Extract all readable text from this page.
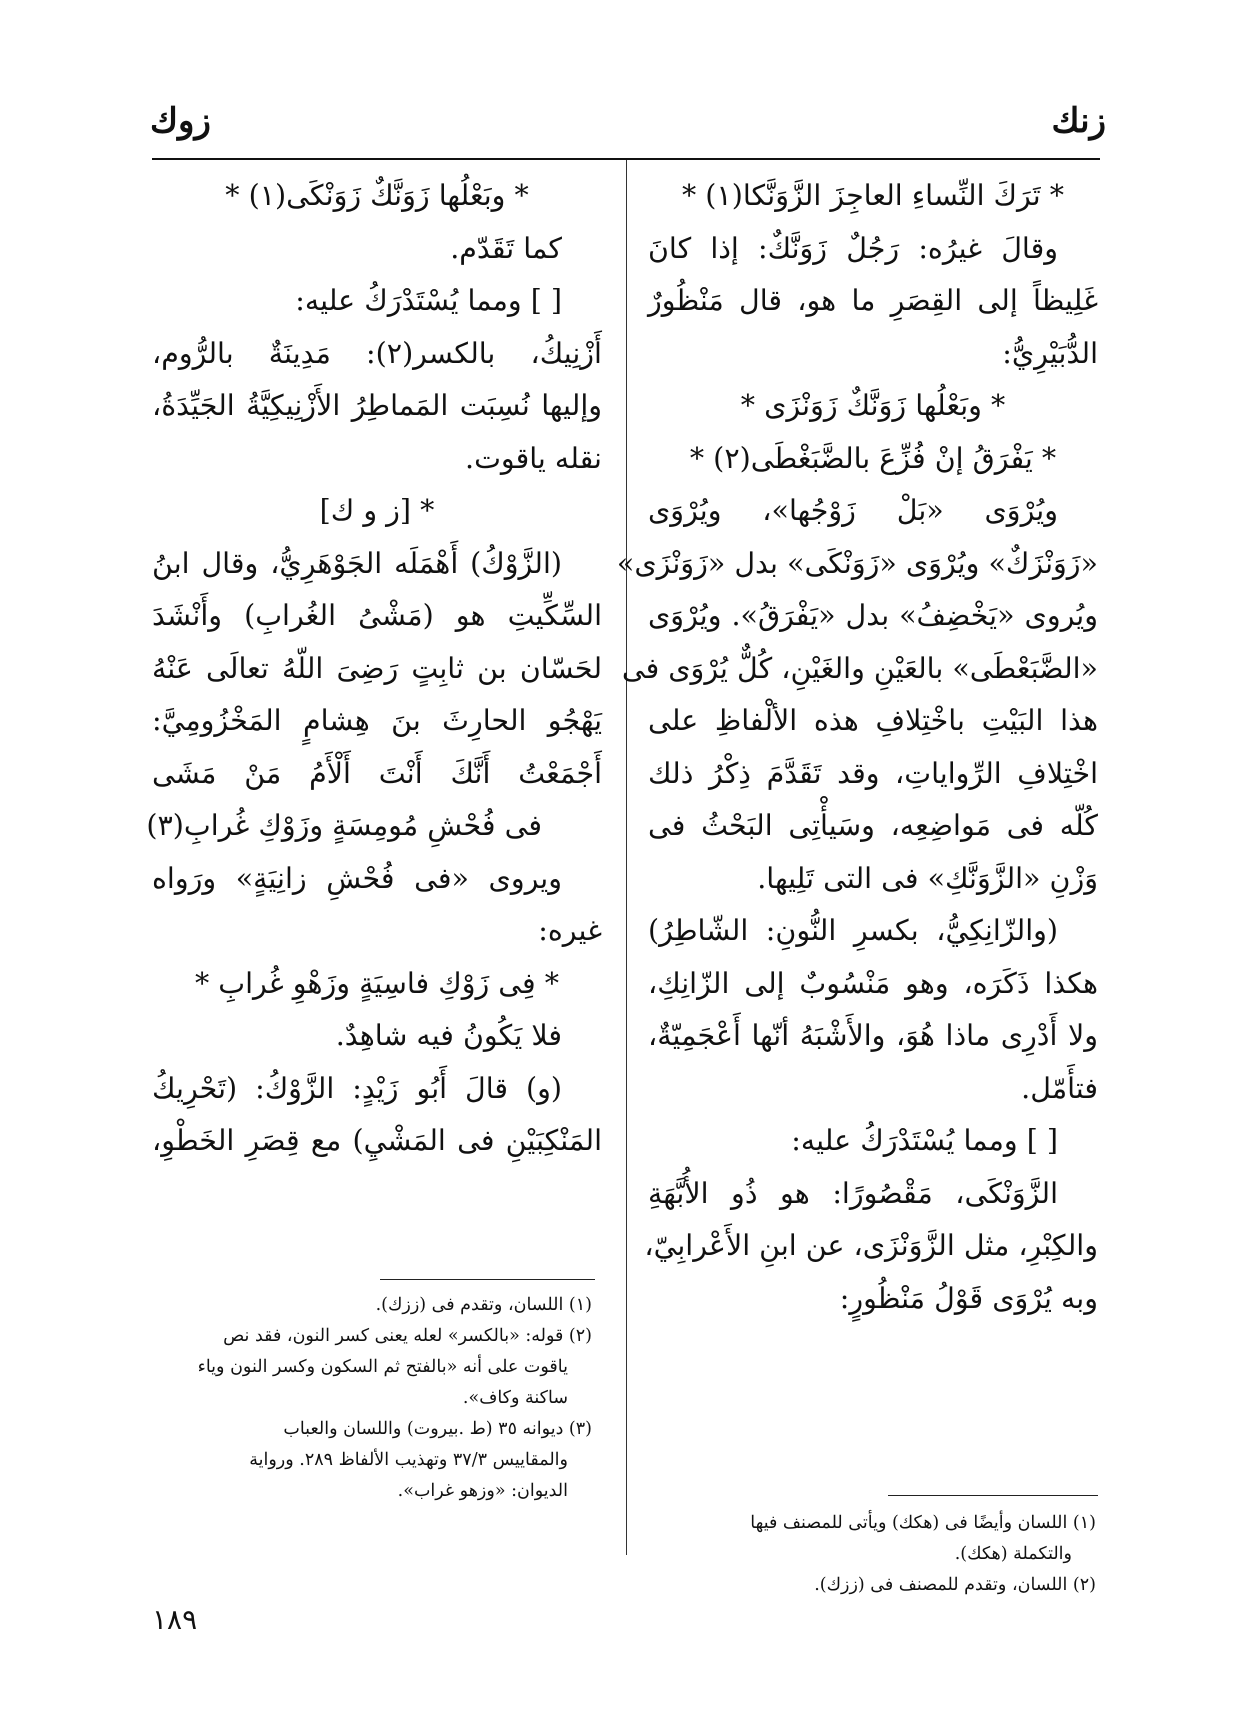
زنك
زوك
* تَرَكَ النِّساءِ العاجِزَ الزَّوَنَّكا(١) *
وقالَ غيرُه: رَجُلٌ زَوَنَّكٌ: إذا كانَ
غَلِيظاً إلى القِصَرِ ما هو، قال مَنْظُورٌ
الدُّبَيْرِيُّ:
* وبَعْلُها زَوَنَّكٌ زَوَنْزَى *
* يَفْرَقُ إنْ فُزِّعَ بالضَّبَغْطَى(٢) *
ويُرْوَى «بَلْ زَوْجُها»، ويُرْوَى
«زَوَنْزَكٌ» ويُرْوَى «زَوَنْكَى» بدل «زَوَنْزَى»
ويُروى «يَخْضِفُ» بدل «يَفْرَقُ». ويُرْوَى
«الضَّبَعْطَى» بالعَيْنِ والغَيْنِ، كُلٌّ يُرْوَى فى
هذا البَيْتِ باخْتِلافِ هذه الألْفاظِ على
اخْتِلافِ الرِّواياتِ، وقد تَقَدَّمَ ذِكْرُ ذلك
كُلّه فى مَواضِعِه، وسَيأْتِى البَحْثُ فى
وَزْنِ «الزَّوَنَّكِ» فى التى تَلِيها.
(والزّانِكِيُّ، بكسرِ النُّونِ: الشّاطِرُ)
هكذا ذَكَرَه، وهو مَنْسُوبٌ إلى الزّانِكِ،
ولا أَدْرِى ماذا هُوَ، والأَشْبَهُ أنّها أَعْجَمِيّةٌ،
فتأَمّل.
[ ] ومما يُسْتَدْرَكُ عليه:
الزَّوَنْكَى، مَقْصُورًا: هو ذُو الأُبَّهَةِ
والكِبْرِ، مثل الزَّوَنْزَى، عن ابنِ الأَعْرابِيّ،
وبه يُرْوَى قَوْلُ مَنْظُورٍ:
* وبَعْلُها زَوَنَّكٌ زَوَنْكَى(١) *
كما تَقَدّم.
[ ] ومما يُسْتَدْرَكُ عليه:
أَزْنِيكُ، بالكسر(٢): مَدِينَةٌ بالرُّوم،
وإليها نُسِبَت المَماطِرُ الأَزْنِيكِيَّةُ الجَيِّدَةُ،
نقله ياقوت.
* [ز و ك]
(الزَّوْكُ) أَهْمَلَه الجَوْهَرِيُّ، وقال ابنُ
السِّكِّيتِ هو (مَشْىُ الغُرابِ) وأَنْشَدَ
لحَسّان بن ثابِتٍ رَضِىَ اللّهُ تعالَى عَنْهُ
يَهْجُو الحارِثَ بنَ هِشامٍ المَخْزُومِيَّ:
أَجْمَعْتُ أَنَّكَ أَنْتَ أَلْأَمُ مَنْ مَشَى
فى فُحْشِ مُومِسَةٍ وزَوْكِ غُرابِ(٣)
ويروى «فى فُحْشِ زانِيَةٍ» ورَواه
غيره:
* فِى زَوْكِ فاسِيَةٍ وزَهْوِ غُرابِ *
فلا يَكُونُ فيه شاهِدٌ.
(و) قالَ أَبُو زَيْدٍ: الزَّوْكُ: (تَحْرِيكُ
المَنْكِبَيْنِ فى المَشْيِ) مع قِصَرِ الخَطْوِ،
(١) اللسان وأيضًا فى (هكك) ويأتى للمصنف فيها
والتكملة (هكك).
(٢) اللسان، وتقدم للمصنف فى (ززك).
(١) اللسان، وتقدم فى (ززك).
(٢) قوله: «بالكسر» لعله يعنى كسر النون، فقد نص
ياقوت على أنه «بالفتح ثم السكون وكسر النون وياء
ساكنة وكاف».
(٣) ديوانه ٣٥ (ط .بيروت) واللسان والعباب
والمقاييس ٣٧/٣ وتهذيب الألفاظ ٢٨٩. ورواية
الديوان: «وزهو غراب».
١٨٩
